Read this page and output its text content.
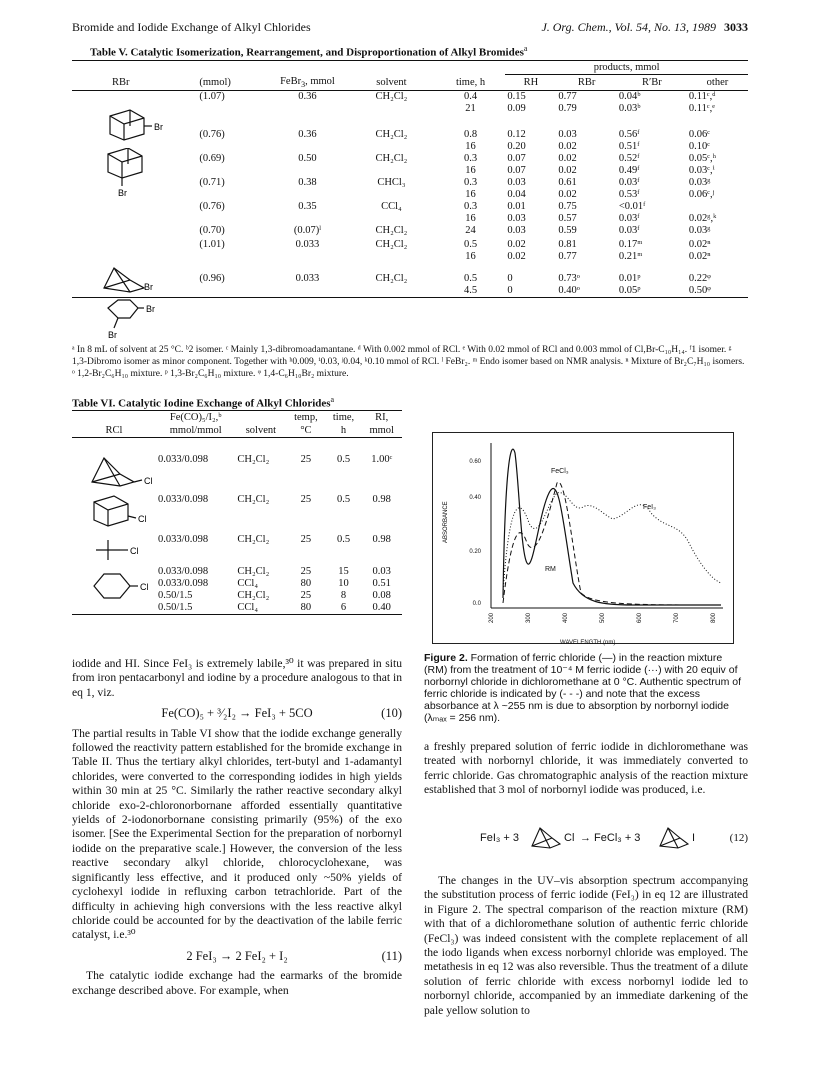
Bromide and Iodide Exchange of Alkyl Chlorides	J. Org. Chem., Vol. 54, No. 13, 1989 3033
Table V. Catalytic Isomerization, Rearrangement, and Disproportionation of Alkyl Bromides$^a$
					products, mmol			
RBr	(mmol)	FeBr$_3$, mmol	solvent	time, h	RH	RBr	R′Br	other
	(1.07)	0.36	CH₂Cl₂	0.4	0.15	0.77	0.04ᵇ	0.11ᶜ,ᵈ
				21	0.09	0.79	0.03ᵇ	0.11ᶜ,ᵉ
	(0.76)	0.36	CH₂Cl₂	0.8	0.12	0.03	0.56ᶠ	0.06ᶜ
				16	0.20	0.02	0.51ᶠ	0.10ᶜ
	(0.69)	0.50	CH₂Cl₂	0.3	0.07	0.02	0.52ᶠ	0.05ᶜ,ʰ
				16	0.07	0.02	0.49ᶠ	0.03ᶜ,ⁱ
	(0.71)	0.38	CHCl₃	0.3	0.03	0.61	0.03ᶠ	0.03ᵍ
				16	0.04	0.02	0.53ᶠ	0.06ᶜ,ʲ
	(0.76)	0.35	CCl₄	0.3	0.01	0.75	<0.01ᶠ	
				16	0.03	0.57	0.03ᶠ	0.02ᵍ,ᵏ
	(0.70)	(0.07)ˡ	CH₂Cl₂	24	0.03	0.59	0.03ᶠ	0.03ᵍ
	(1.01)	0.033	CH₂Cl₂	0.5	0.02	0.81	0.17ᵐ	0.02ⁿ
				16	0.02	0.77	0.21ᵐ	0.02ⁿ
	(0.96)	0.033	CH₂Cl₂	0.5	0	0.73ᵒ	0.01ᵖ	0.22ᵠ
				4.5	0	0.40ᵒ	0.05ᵖ	0.50ᵠ
Br
Br
Br
Br
Br
ᵃ In 8 mL of solvent at 25 °C. ᵇ2 isomer. ᶜ Mainly 1,3-dibromoadamantane. ᵈ With 0.002 mmol of RCl. ᵉ With 0.02 mmol of RCl and 0.003 mmol of Cl,Br-C₁₀H₁₄. ᶠ1 isomer. ᵍ 1,3-Dibromo isomer as minor component. Together with ʰ0.009, ⁱ0.03, ʲ0.04, ᵏ0.10 mmol of RCl. ˡ FeBr₂. ᵐ Endo isomer based on NMR analysis. ⁿ Mixture of Br₂C₇H₁₀ isomers. ᵒ 1,2-Br₂C₆H₁₀ mixture. ᵖ 1,3-Br₂C₆H₁₀ mixture. ᵠ 1,4-C₆H₁₀Br₂ mixture.
Table VI. Catalytic Iodine Exchange of Alkyl Chlorides$^a$
	Fe(CO)₅/I₂,ᵇ		temp,	time,	RI,
RCl	mmol/mmol	solvent	°C	h	mmol
	0.033/0.098	CH₂Cl₂	25	0.5	1.00ᶜ
	0.033/0.098	CH₂Cl₂	25	0.5	0.98
	0.033/0.098	CH₂Cl₂	25	0.5	0.98
	0.033/0.098	CH₂Cl₂	25	15	0.03
	0.033/0.098	CCl₄	80	10	0.51
	0.50/1.5	CH₂Cl₂	25	8	0.08
	0.50/1.5	CCl₄	80	6	0.40
Cl
Cl
Cl
Cl
iodide and HI. Since FeI₃ is extremely labile,³⁰ it was prepared in situ from iron pentacarbonyl and iodine by a procedure analogous to that in eq 1, viz.
Fe(CO)₅ + ³⁄₂I₂ → FeI₃ + 5CO	(10)
The partial results in Table VI show that the iodide exchange generally followed the reactivity pattern established for the bromide exchange in Table II. Thus the tertiary alkyl chlorides, tert-butyl and 1-adamantyl chlorides, were converted to the corresponding iodides in high yields within 30 min at 25 °C. Similarly the rather reactive secondary alkyl chloride exo-2-chloronorbornane afforded essentially quantitative yields of 2-iodonorbornane consisting primarily (95%) of the exo isomer. [See the Experimental Section for the preparation of norbornyl iodide on the preparative scale.] However, the conversion of the less reactive secondary alkyl chloride, chlorocyclohexane, was significantly less effective, and it produced only ~50% yields of cyclohexyl iodide in refluxing carbon tetrachloride. Part of the difficulty in achieving high conversions with the less reactive alkyl chloride could be accounted for by the deactivation of the labile ferric catalyst, i.e.³⁰
2 FeI₃ → 2 FeI₂ + I₂	(11)
The catalytic iodide exchange had the earmarks of the bromide exchange described above. For example, when
ABSORBANCE
0.60
0.40
0.20
0.0
200	300	400	500	600	700	800
FeCl₃
FeI₃
RM
WAVELENGTH (nm)
Figure 2. Formation of ferric chloride (—) in the reaction mixture (RM) from the treatment of 10⁻⁴ M ferric iodide (···) with 20 equiv of norbornyl chloride in dichloromethane at 0 °C. Authentic spectrum of ferric chloride is indicated by (- - -) and note that the excess absorbance at λ ~255 nm is due to absorption by norbornyl iodide (λₘₐₓ = 256 nm).
a freshly prepared solution of ferric iodide in dichloromethane was treated with norbornyl chloride, it was immediately converted to ferric chloride. Gas chromatographic analysis of the reaction mixture established that 3 mol of norbornyl iodide was produced, i.e.
FeI₃ + 3	Cl → FeCl₃ + 3	I	(12)
The changes in the UV–vis absorption spectrum accompanying the substitution process of ferric iodide (FeI₃) in eq 12 are illustrated in Figure 2. The spectral comparison of the reaction mixture (RM) with that of a dichloromethane solution of authentic ferric chloride (FeCl₃) was indeed consistent with the complete replacement of all the iodo ligands when excess norbornyl chloride was employed. The metathesis in eq 12 was also reversible. Thus the treatment of a dilute solution of ferric chloride with excess norbornyl iodide led to norbornyl chloride, accompanied by an immediate darkening of the pale yellow solution to
